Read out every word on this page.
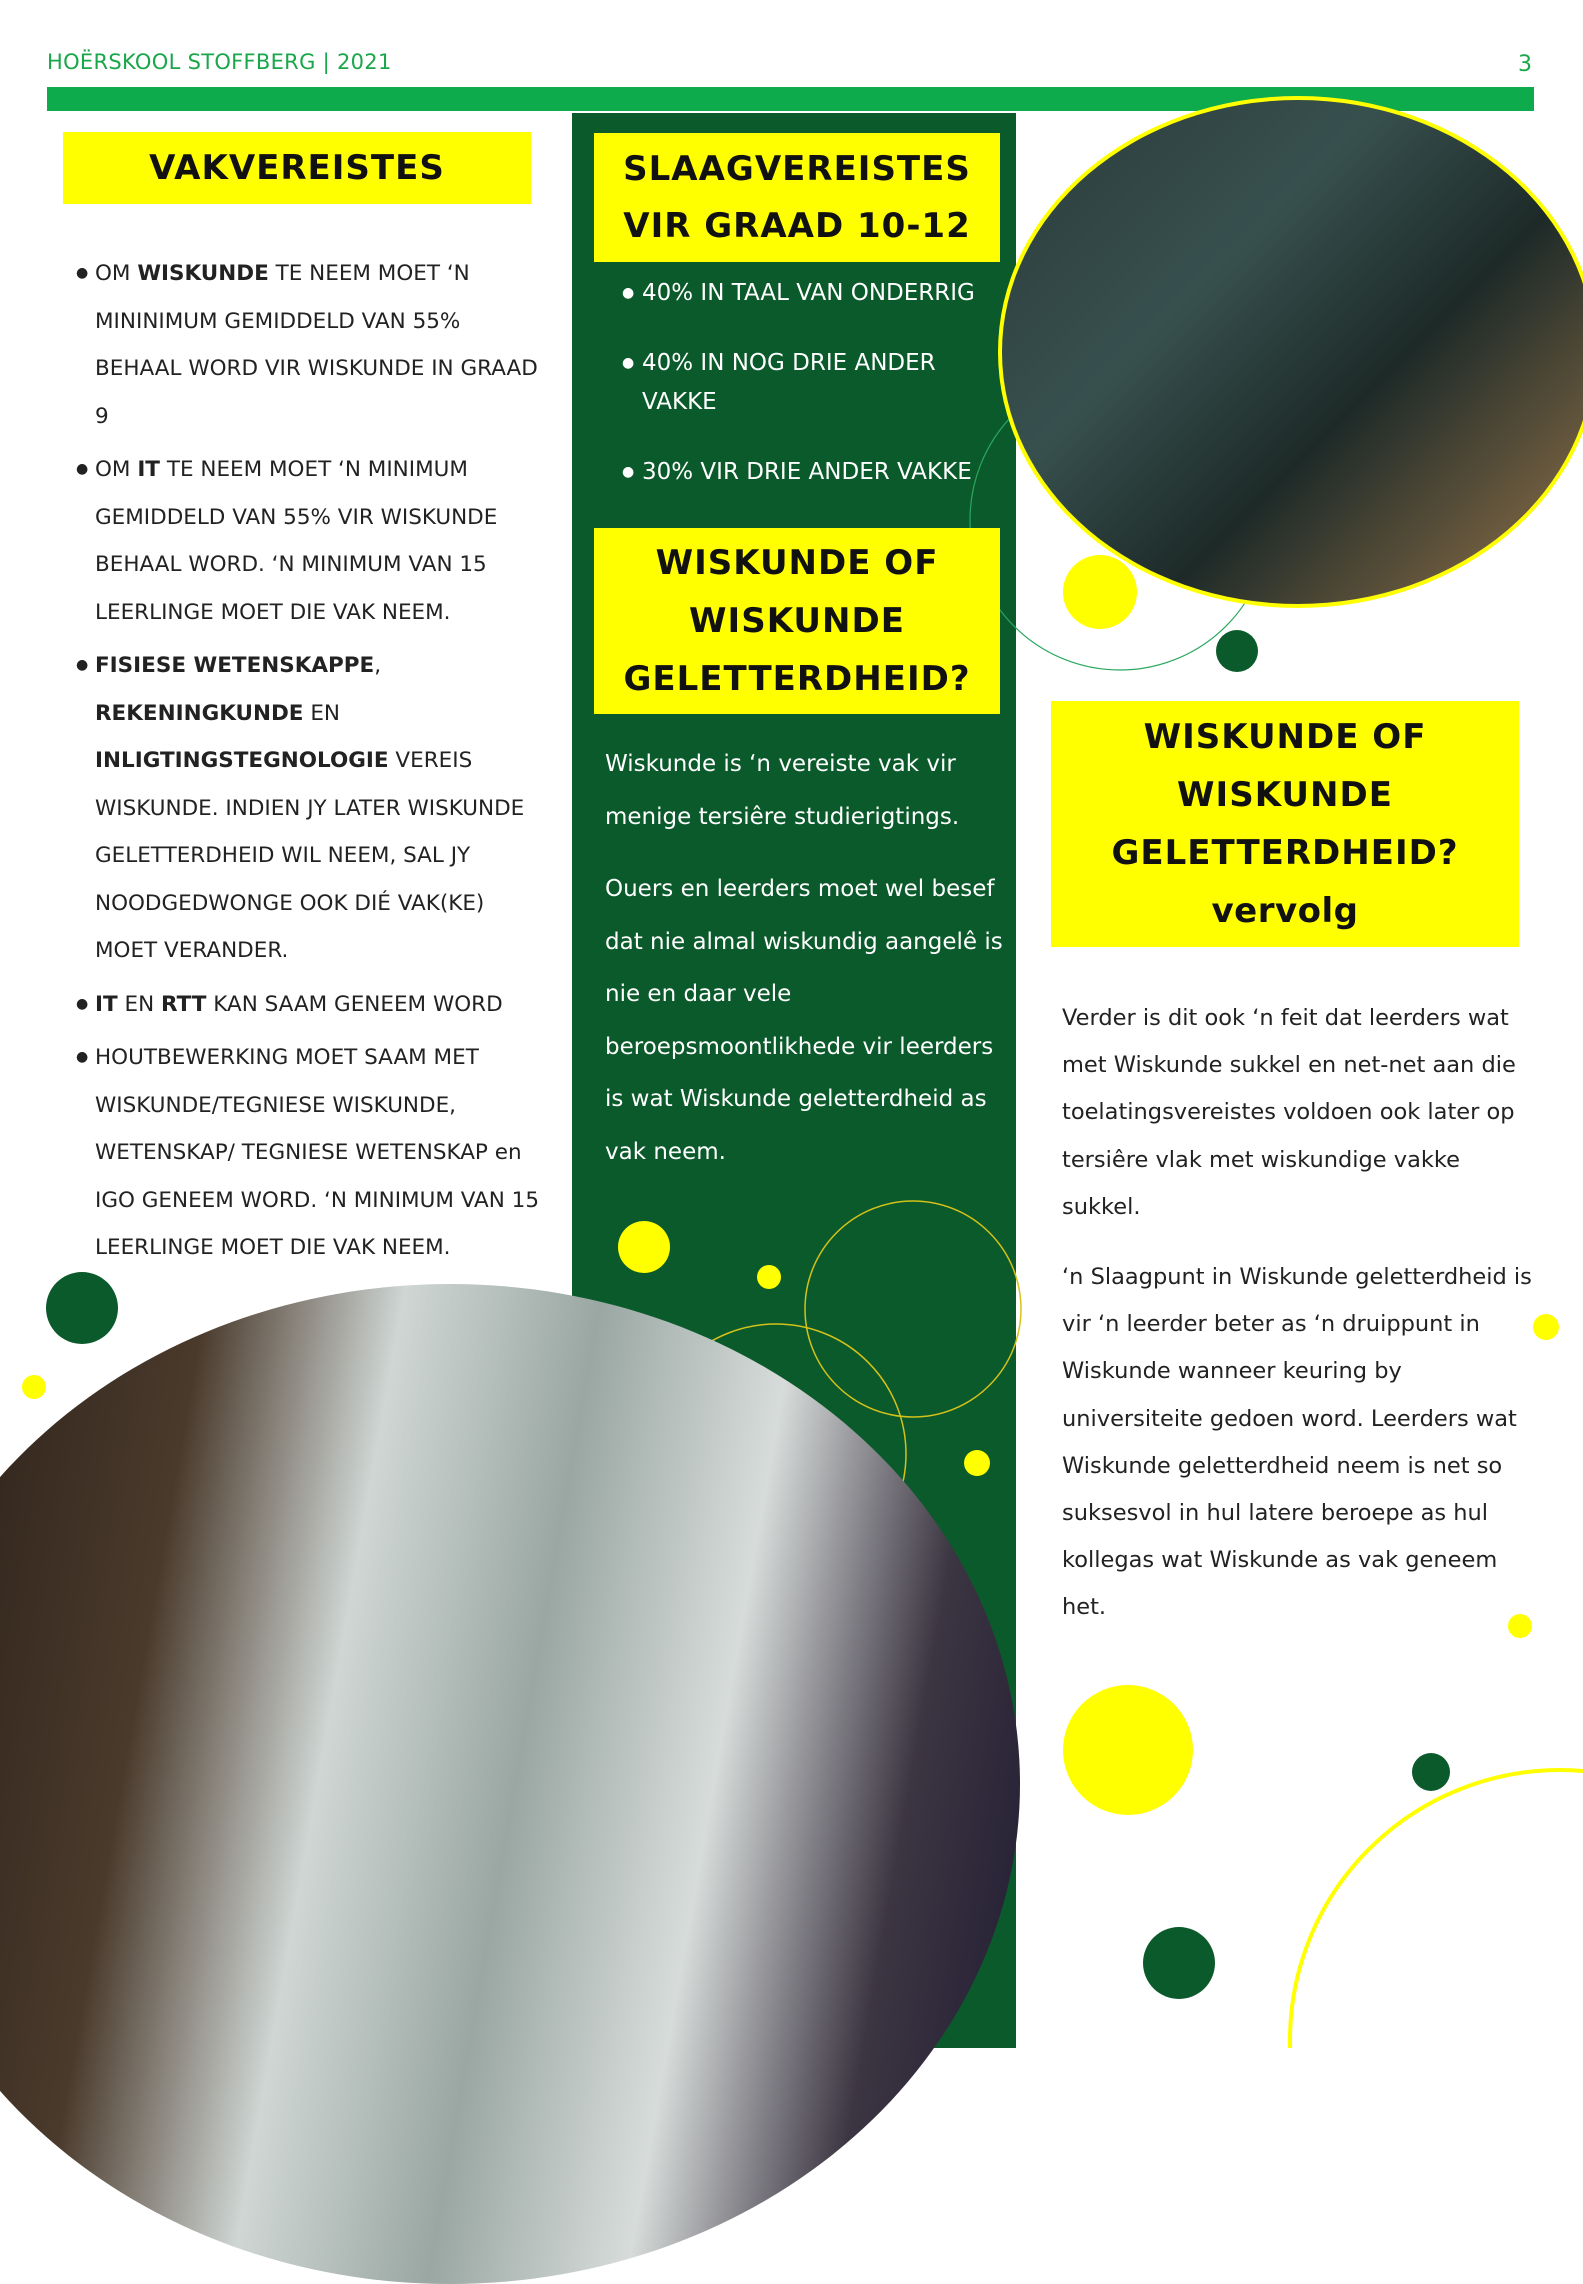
HOËRSKOOL STOFFBERG | 2021	3
VAKVEREISTES
● OM WISKUNDE TE NEEM MOET ‘N MININIMUM GEMIDDELD VAN 55% BEHAAL WORD VIR WISKUNDE IN GRAAD 9
● OM IT TE NEEM MOET ‘N MINIMUM GEMIDDELD VAN 55% VIR WISKUNDE BEHAAL WORD. ‘N MINIMUM VAN 15 LEERLINGE MOET DIE VAK NEEM.
● FISIESE WETENSKAPPE, REKENINGKUNDE EN INLIGTINGSTEGNOLOGIE VEREIS WISKUNDE. INDIEN JY LATER WISKUNDE GELETTERDHEID WIL NEEM, SAL JY NOODGEDWONGE OOK DIÉ VAK(KE) MOET VERANDER.
● IT EN RTT KAN SAAM GENEEM WORD
● HOUTBEWERKING MOET SAAM MET WISKUNDE/TEGNIESE WISKUNDE, WETENSKAP/ TEGNIESE WETENSKAP en IGO GENEEM WORD. ‘N MINIMUM VAN 15 LEERLINGE MOET DIE VAK NEEM.
SLAAGVEREISTES
VIR GRAAD 10-12
● 40% IN TAAL VAN ONDERRIG
● 40% IN NOG DRIE ANDER VAKKE
● 30% VIR DRIE ANDER VAKKE
WISKUNDE OF
WISKUNDE
GELETTERDHEID?

Wiskunde is ‘n vereiste vak vir menige tersiêre studierigtings.

Ouers en leerders moet wel besef dat nie almal wiskundig aangelê is nie en daar vele beroepsmoontlikhede vir leerders is wat Wiskunde geletterdheid as vak neem.

WISKUNDE OF
WISKUNDE
GELETTERDHEID?
vervolg

Verder is dit ook ‘n feit dat leerders wat met Wiskunde sukkel en net-net aan die toelatingsvereistes voldoen ook later op tersiêre vlak met wiskundige vakke sukkel.

‘n Slaagpunt in Wiskunde geletterdheid is vir ‘n leerder beter as ‘n druippunt in Wiskunde wanneer keuring by universiteite gedoen word. Leerders wat Wiskunde geletterdheid neem is net so suksesvol in hul latere beroepe as hul kollegas wat Wiskunde as vak geneem het.
